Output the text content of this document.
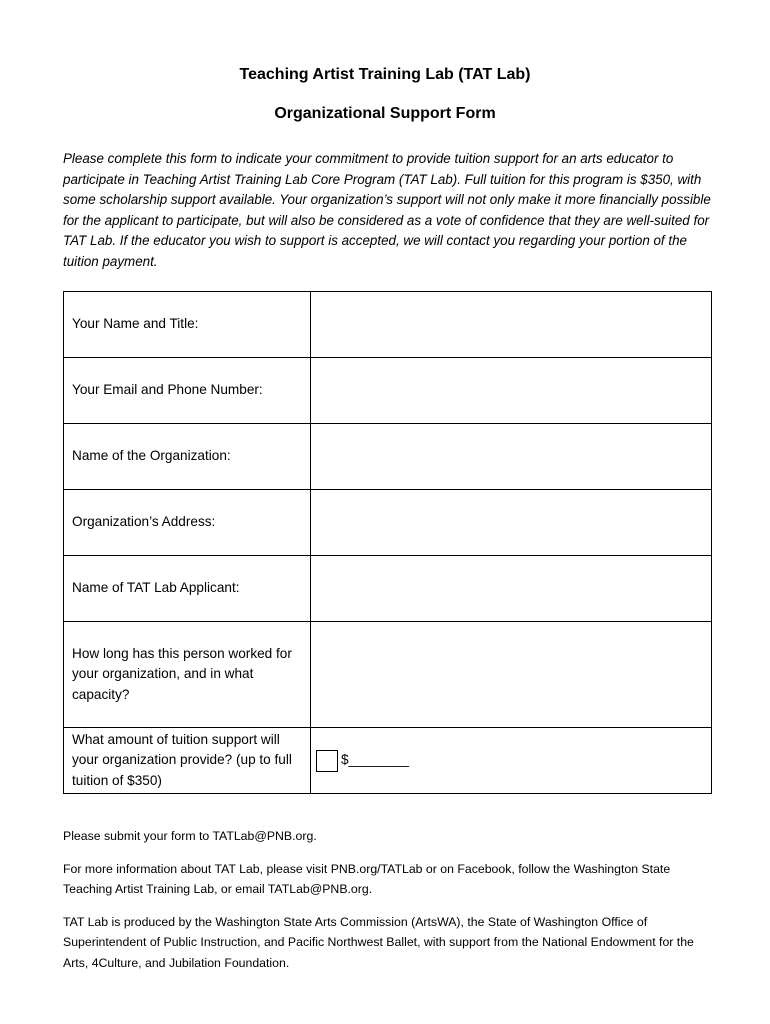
Teaching Artist Training Lab (TAT Lab)
Organizational Support Form

Please complete this form to indicate your commitment to provide tuition support for an arts educator to participate in Teaching Artist Training Lab Core Program (TAT Lab). Full tuition for this program is $350, with some scholarship support available. Your organization’s support will not only make it more financially possible for the applicant to participate, but will also be considered as a vote of confidence that they are well-suited for TAT Lab. If the educator you wish to support is accepted, we will contact you regarding your portion of the tuition payment.

Your Name and Title:	
Your Email and Phone Number:	
Name of the Organization:	
Organization’s Address:	
Name of TAT Lab Applicant:	
How long has this person worked for your organization, and in what capacity?	
What amount of tuition support will your organization provide? (up to full tuition of $350)	$________

Please submit your form to TATLab@PNB.org.

For more information about TAT Lab, please visit PNB.org/TATLab or on Facebook, follow the Washington State Teaching Artist Training Lab, or email TATLab@PNB.org.

TAT Lab is produced by the Washington State Arts Commission (ArtsWA), the State of Washington Office of Superintendent of Public Instruction, and Pacific Northwest Ballet, with support from the National Endowment for the Arts, 4Culture, and Jubilation Foundation.
